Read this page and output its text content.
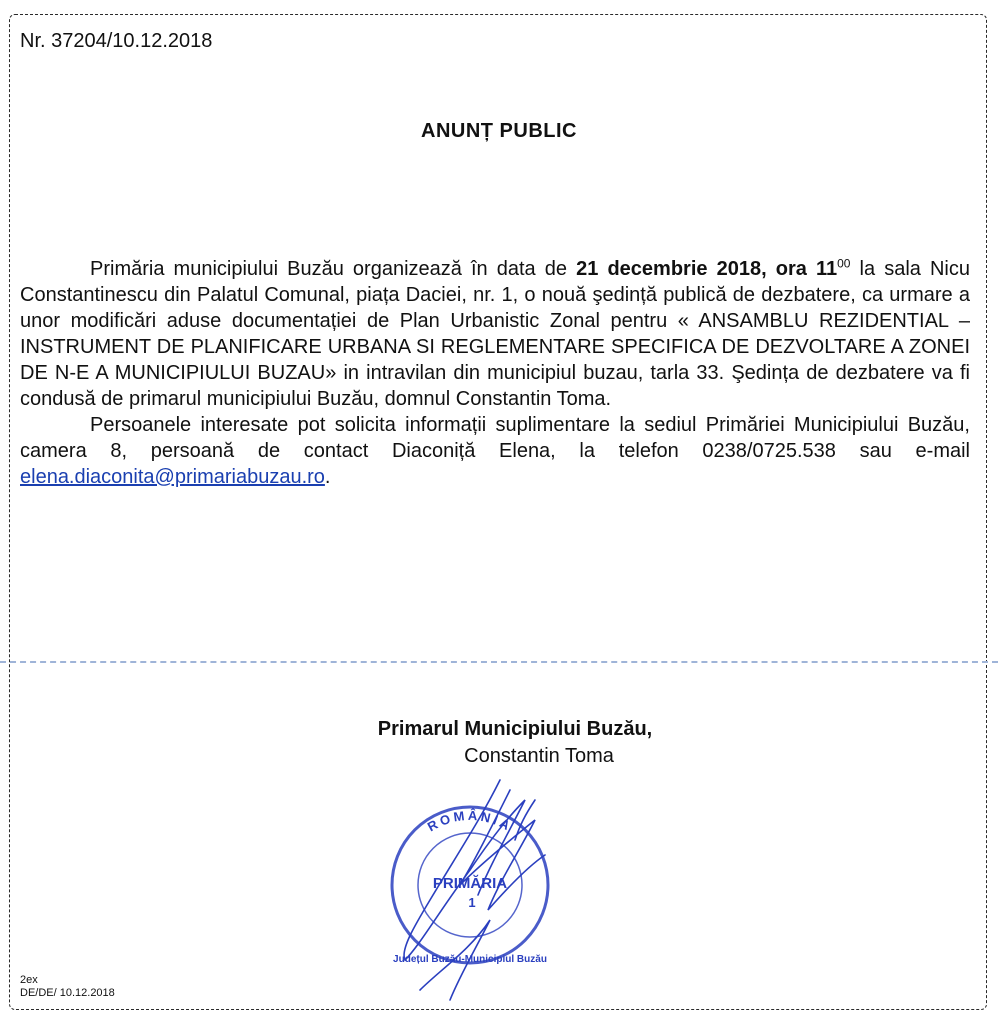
Nr. 37204/10.12.2018
ANUNȚ PUBLIC

Primăria municipiului Buzău organizează în data de 21 decembrie 2018, ora $11^{00}$ la sala Nicu Constantinescu din Palatul Comunal, piața Daciei, nr. 1, o nouă şedință publică de dezbatere, ca urmare a unor modificări aduse documentației de Plan Urbanistic Zonal pentru « ANSAMBLU REZIDENTIAL – INSTRUMENT DE PLANIFICARE URBANA SI REGLEMENTARE SPECIFICA DE DEZVOLTARE A ZONEI DE N-E A MUNICIPIULUI BUZAU» in intravilan din municipiul buzau, tarla 33. Şedința de dezbatere va fi condusă de primarul municipiului Buzău, domnul Constantin Toma.

Persoanele interesate pot solicita informații suplimentare la sediul Primăriei Municipiului Buzău, camera 8, persoană de contact Diaconiță Elena, la telefon 0238/0725.538 sau e-mail elena.diaconita@primariabuzau.ro.

Primarul Municipiului Buzău,
Constantin Toma
ROMÂNIA
PRIMĂRIA
1
Județul Buzău-Municipiul Buzău
2ex
DE/DE/ 10.12.2018
